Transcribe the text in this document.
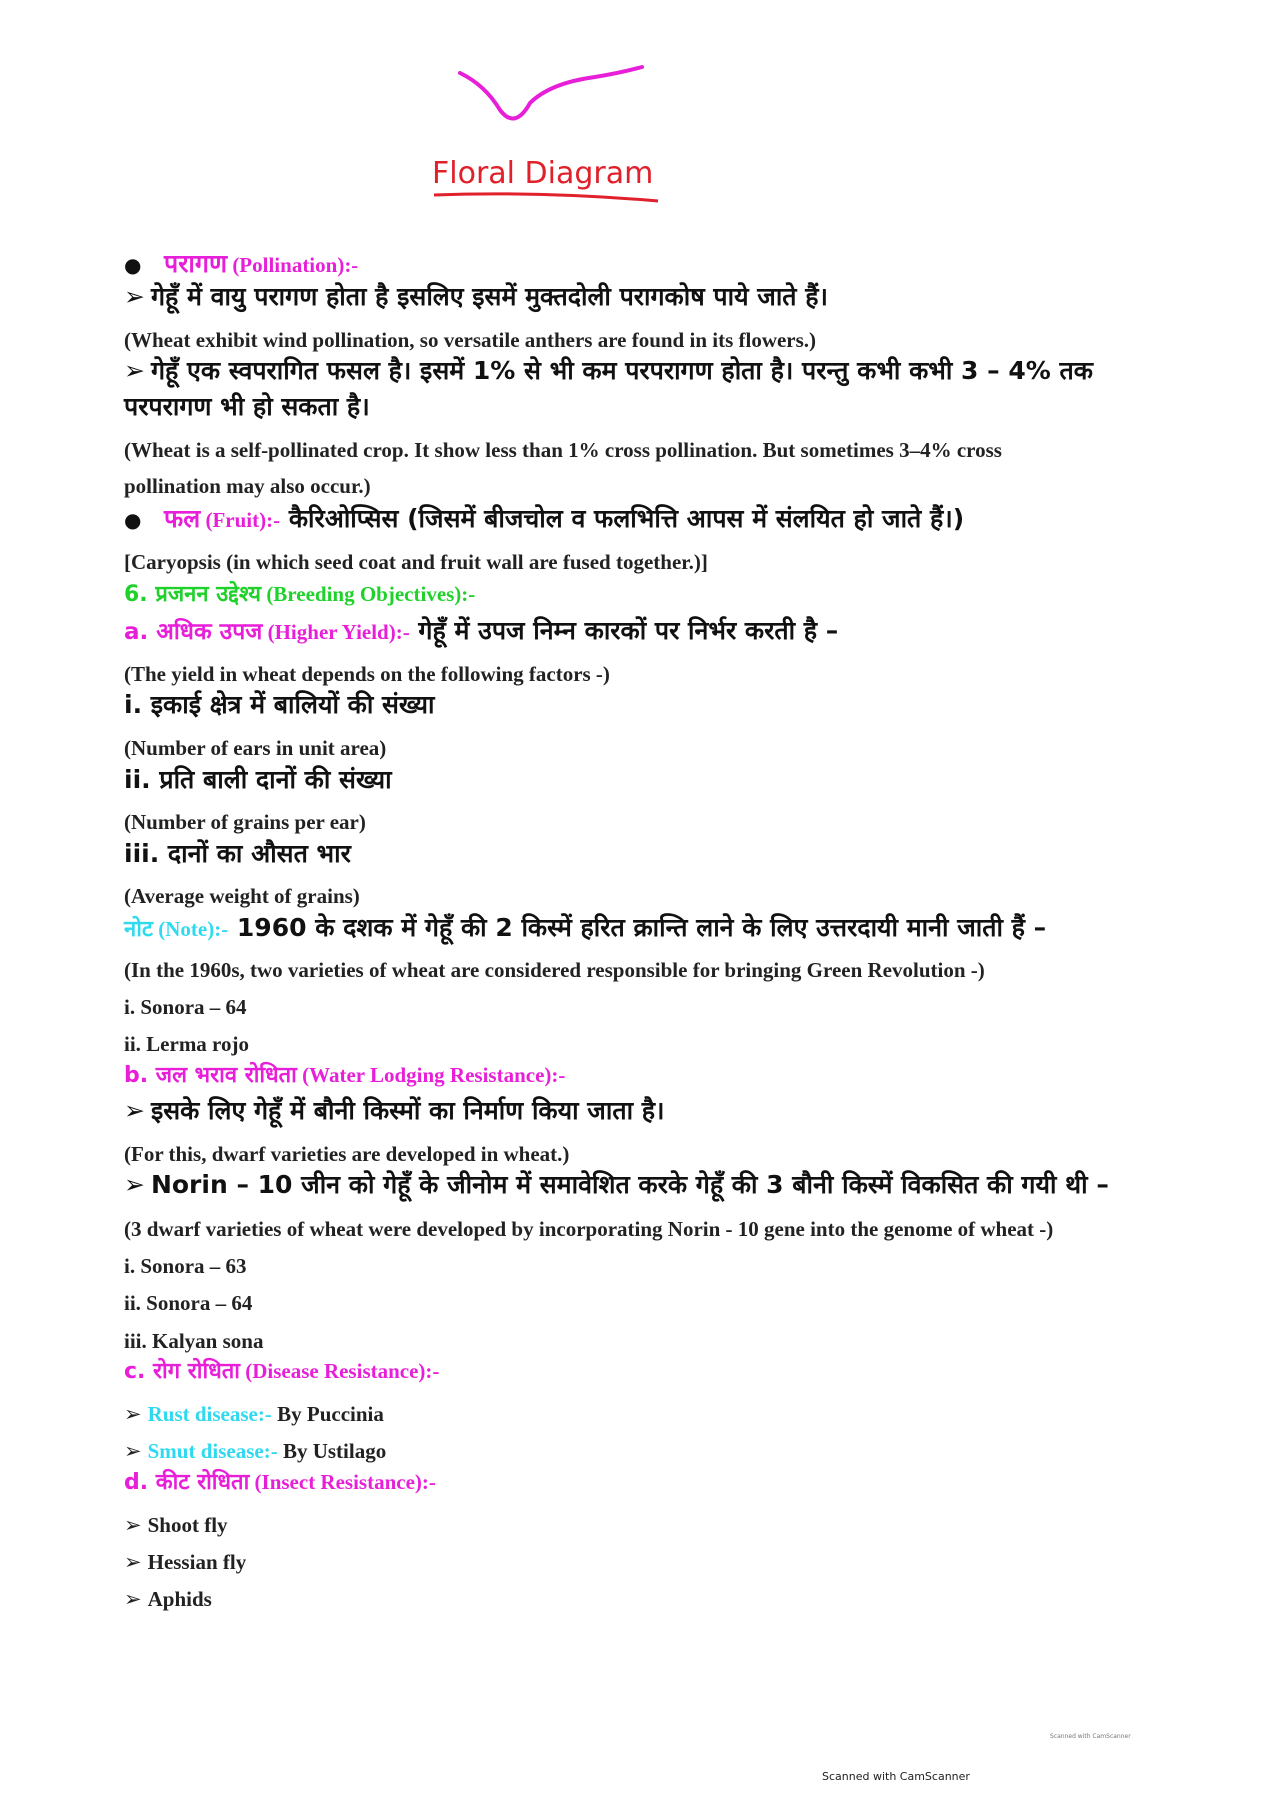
Floral Diagram
● परागण (Pollination):-
➢ गेहूँ में वायु परागण होता है इसलिए इसमें मुक्तदोली परागकोष पाये जाते हैं।
(Wheat exhibit wind pollination, so versatile anthers are found in its flowers.)
➢ गेहूँ एक स्वपरागित फसल है। इसमें 1% से भी कम परपरागण होता है। परन्तु कभी कभी 3 – 4% तक
परपरागण भी हो सकता है।
(Wheat is a self-pollinated crop. It show less than 1% cross pollination. But sometimes 3–4% cross
pollination may also occur.)
● फल (Fruit):- कैरिओप्सिस (जिसमें बीजचोल व फलभित्ति आपस में संलयित हो जाते हैं।)
[Caryopsis (in which seed coat and fruit wall are fused together.)]
6. प्रजनन उद्देश्य (Breeding Objectives):-
a. अधिक उपज (Higher Yield):- गेहूँ में उपज निम्न कारकों पर निर्भर करती है –
(The yield in wheat depends on the following factors -)
i. इकाई क्षेत्र में बालियों की संख्या
(Number of ears in unit area)
ii. प्रति बाली दानों की संख्या
(Number of grains per ear)
iii. दानों का औसत भार
(Average weight of grains)
नोट (Note):- 1960 के दशक में गेहूँ की 2 किस्में हरित क्रान्ति लाने के लिए उत्तरदायी मानी जाती हैं –
(In the 1960s, two varieties of wheat are considered responsible for bringing Green Revolution -)
i. Sonora – 64
ii. Lerma rojo
b. जल भराव रोधिता (Water Lodging Resistance):-
➢ इसके लिए गेहूँ में बौनी किस्मों का निर्माण किया जाता है।
(For this, dwarf varieties are developed in wheat.)
➢ Norin – 10 जीन को गेहूँ के जीनोम में समावेशित करके गेहूँ की 3 बौनी किस्में विकसित की गयी थी –
(3 dwarf varieties of wheat were developed by incorporating Norin - 10 gene into the genome of wheat -)
i. Sonora – 63
ii. Sonora – 64
iii. Kalyan sona
c. रोग रोधिता (Disease Resistance):-
➢ Rust disease:- By Puccinia
➢ Smut disease:- By Ustilago
d. कीट रोधिता (Insect Resistance):-
➢ Shoot fly
➢ Hessian fly
➢ Aphids
Scanned with CamScanner
Scanned with CamScanner
